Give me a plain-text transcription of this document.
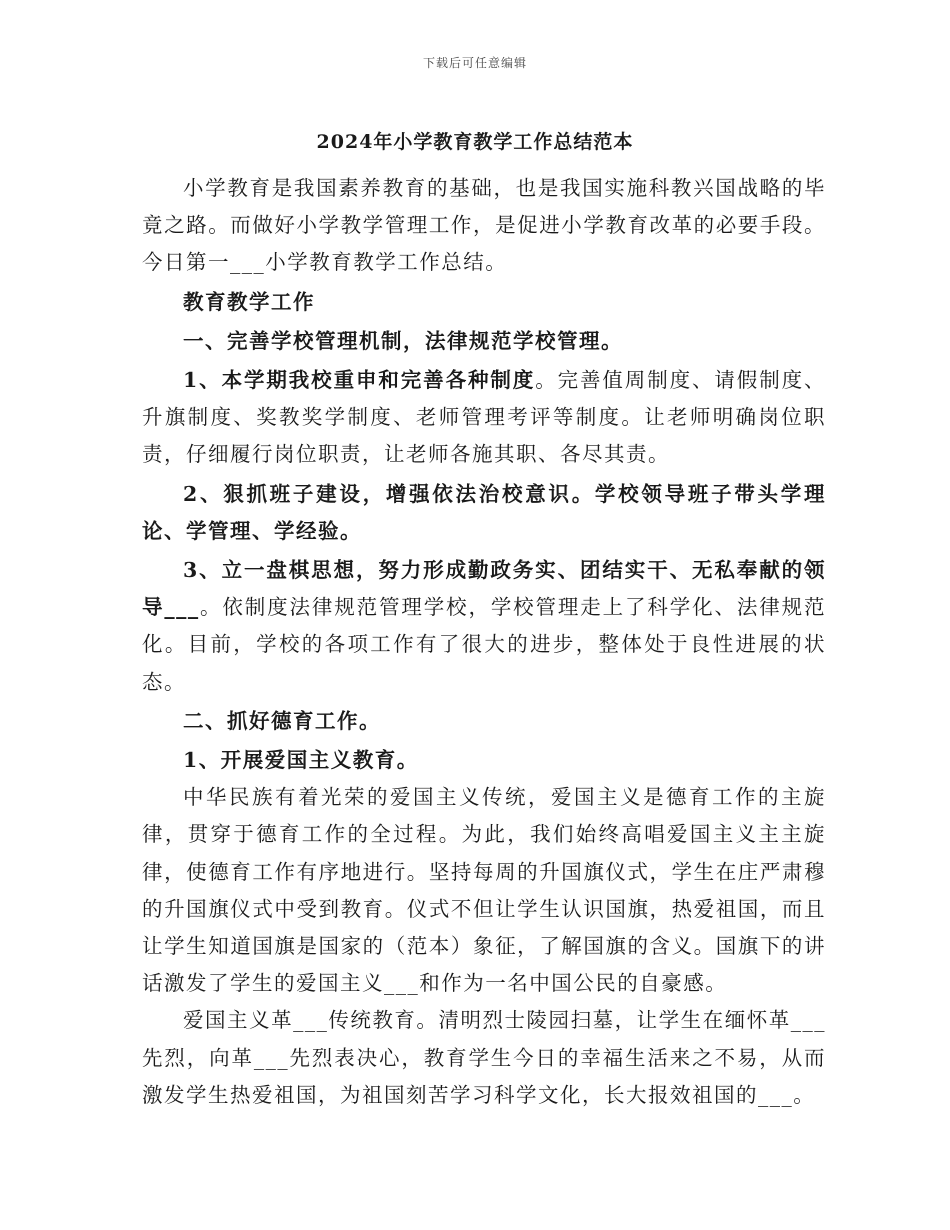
下载后可任意编辑
2024年小学教育教学工作总结范本

小学教育是我国素养教育的基础，也是我国实施科教兴国战略的毕竟之路。而做好小学教学管理工作，是促进小学教育改革的必要手段。今日第一___小学教育教学工作总结。

教育教学工作

一、完善学校管理机制，法律规范学校管理。

1、本学期我校重申和完善各种制度。完善值周制度、请假制度、升旗制度、奖教奖学制度、老师管理考评等制度。让老师明确岗位职责，仔细履行岗位职责，让老师各施其职、各尽其责。

2、狠抓班子建设，增强依法治校意识。学校领导班子带头学理论、学管理、学经验。

3、立一盘棋思想，努力形成勤政务实、团结实干、无私奉献的领导___。依制度法律规范管理学校，学校管理走上了科学化、法律规范化。目前，学校的各项工作有了很大的进步，整体处于良性进展的状态。

二、抓好德育工作。

1、开展爱国主义教育。

中华民族有着光荣的爱国主义传统，爱国主义是德育工作的主旋律，贯穿于德育工作的全过程。为此，我们始终高唱爱国主义主主旋律，使德育工作有序地进行。坚持每周的升国旗仪式，学生在庄严肃穆的升国旗仪式中受到教育。仪式不但让学生认识国旗，热爱祖国，而且让学生知道国旗是国家的（范本）象征，了解国旗的含义。国旗下的讲话激发了学生的爱国主义___和作为一名中国公民的自豪感。

爱国主义革___传统教育。清明烈士陵园扫墓，让学生在缅怀革___先烈，向革___先烈表决心，教育学生今日的幸福生活来之不易，从而激发学生热爱祖国，为祖国刻苦学习科学文化，长大报效祖国的___。
